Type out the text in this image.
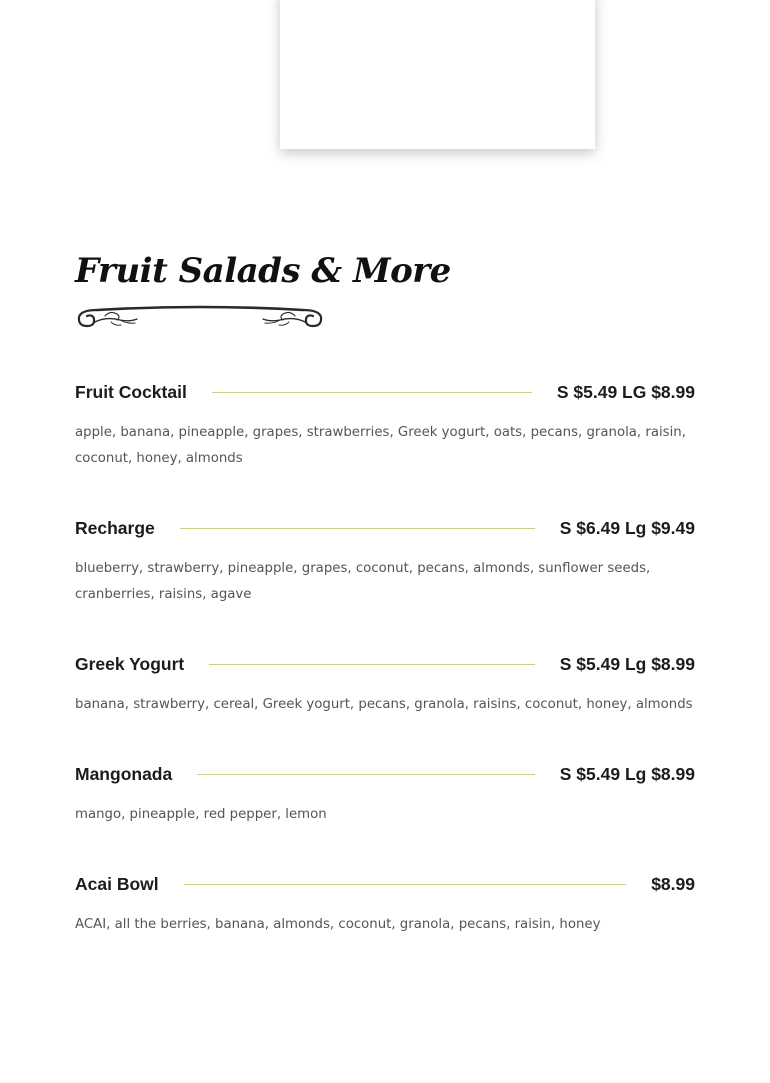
Fruit Salads & More
Fruit Cocktail	S $5.49 LG $8.99
apple, banana, pineapple, grapes, strawberries, Greek yogurt, oats, pecans, granola, raisin, coconut, honey, almonds
Recharge	S $6.49 Lg $9.49
blueberry, strawberry, pineapple, grapes, coconut, pecans, almonds, sunflower seeds, cranberries, raisins, agave
Greek Yogurt	S $5.49 Lg $8.99
banana, strawberry, cereal, Greek yogurt, pecans, granola, raisins, coconut, honey, almonds
Mangonada	S $5.49 Lg $8.99
mango, pineapple, red pepper, lemon
Acai Bowl	$8.99
ACAI, all the berries, banana, almonds, coconut, granola, pecans, raisin, honey
